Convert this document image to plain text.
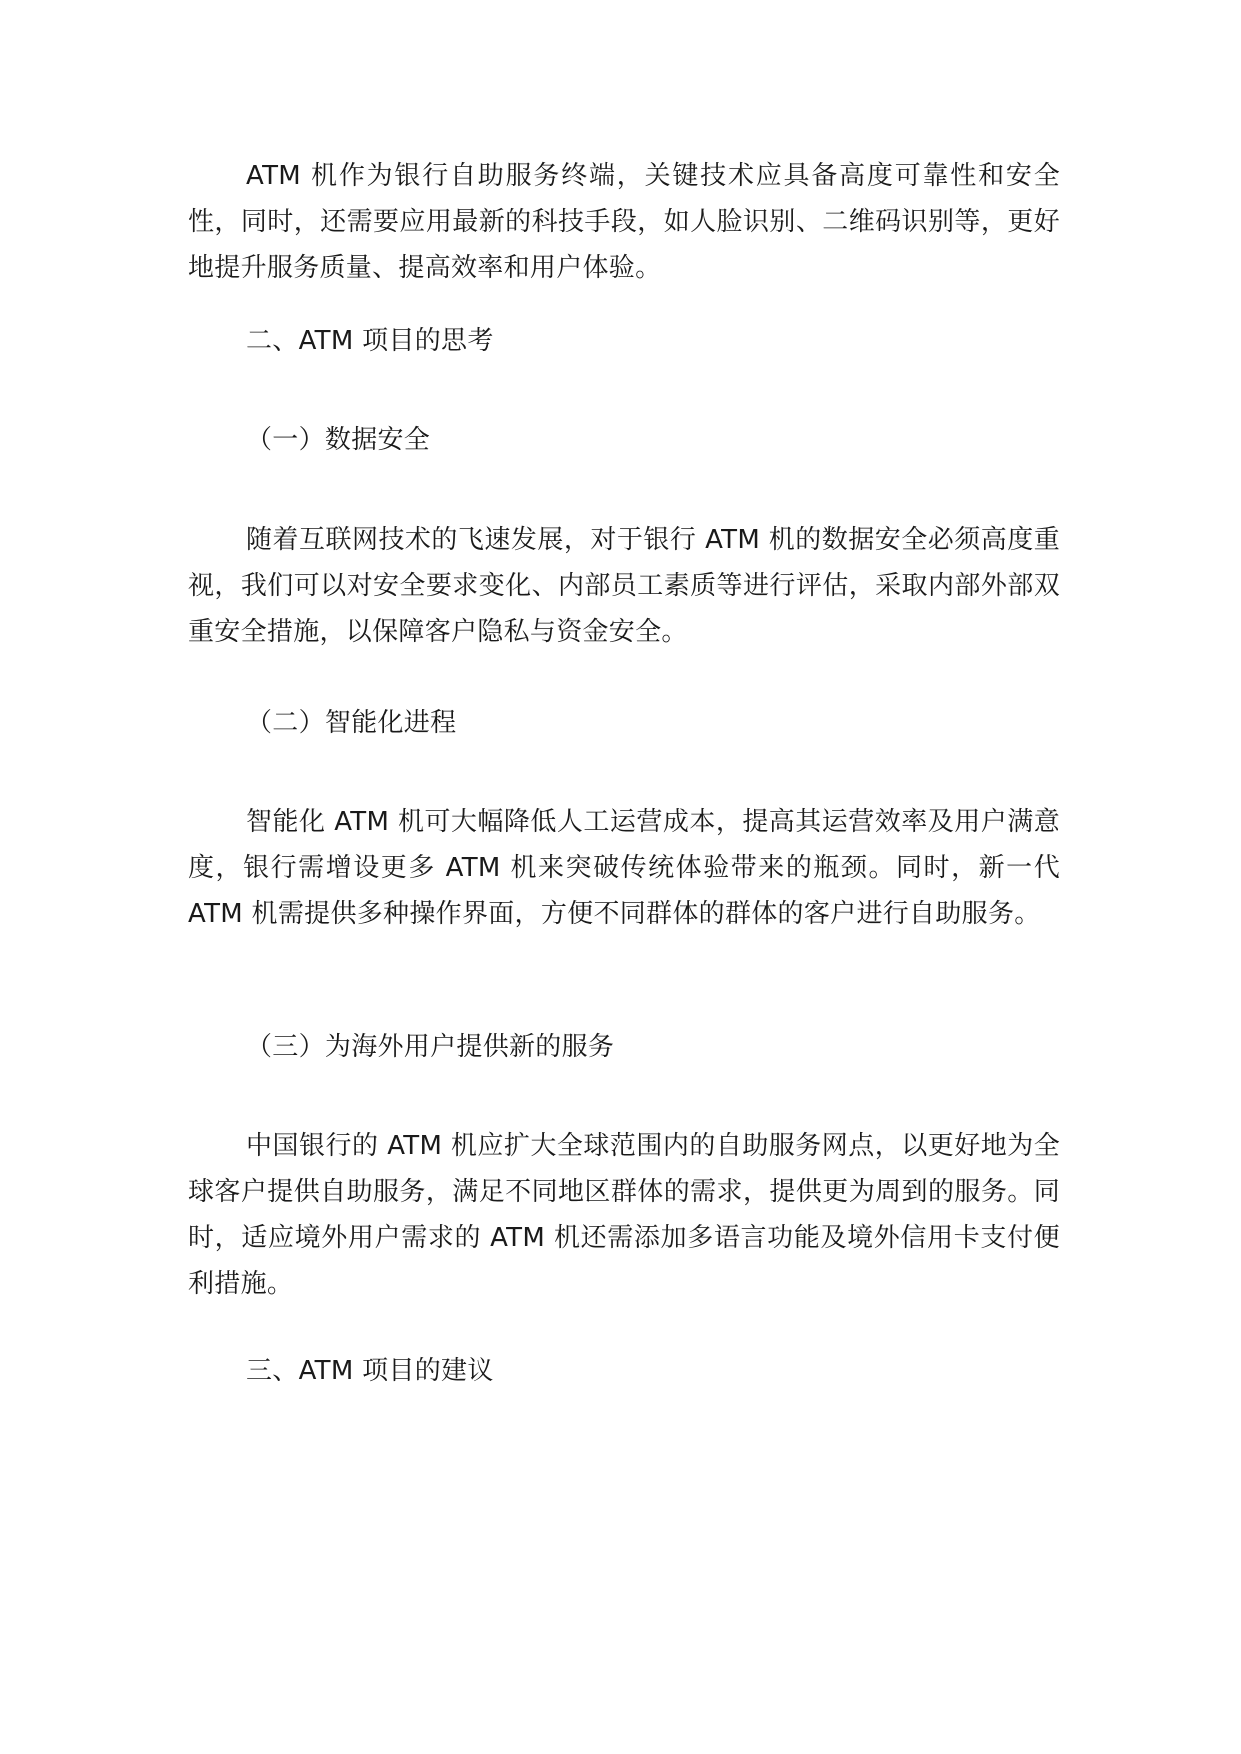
ATM 机作为银行自助服务终端，关键技术应具备高度可靠性和安全性，同时，还需要应用最新的科技手段，如人脸识别、二维码识别等，更好地提升服务质量、提高效率和用户体验。

二、ATM 项目的思考
（一）数据安全

随着互联网技术的飞速发展，对于银行 ATM 机的数据安全必须高度重视，我们可以对安全要求变化、内部员工素质等进行评估，采取内部外部双重安全措施，以保障客户隐私与资金安全。

（二）智能化进程

智能化 ATM 机可大幅降低人工运营成本，提高其运营效率及用户满意度，银行需增设更多 ATM 机来突破传统体验带来的瓶颈。同时，新一代 ATM 机需提供多种操作界面，方便不同群体的群体的客户进行自助服务。

（三）为海外用户提供新的服务

中国银行的 ATM 机应扩大全球范围内的自助服务网点，以更好地为全球客户提供自助服务，满足不同地区群体的需求，提供更为周到的服务。同时，适应境外用户需求的 ATM 机还需添加多语言功能及境外信用卡支付便利措施。

三、ATM 项目的建议
